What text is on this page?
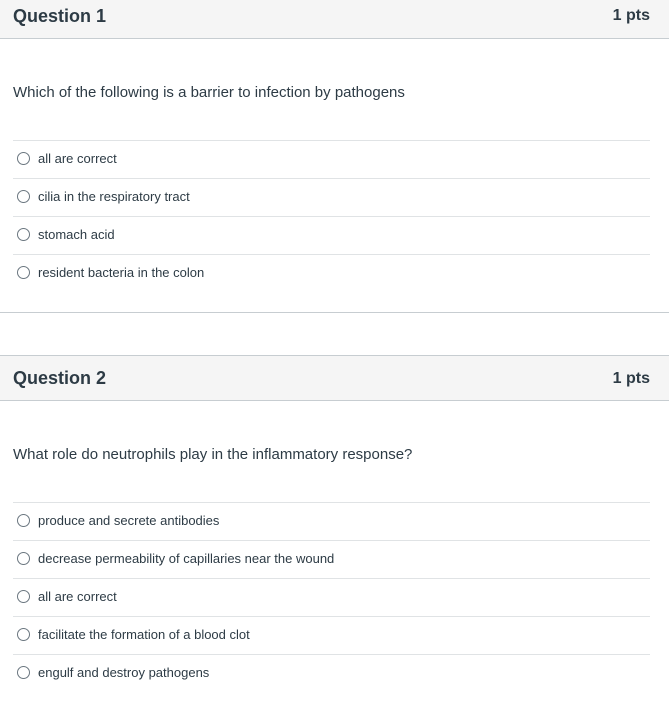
Question 1	1 pts
Which of the following is a barrier to infection by pathogens
all are correct
cilia in the respiratory tract
stomach acid
resident bacteria in the colon
Question 2	1 pts
What role do neutrophils play in the inflammatory response?
produce and secrete antibodies
decrease permeability of capillaries near the wound
all are correct
facilitate the formation of a blood clot
engulf and destroy pathogens
